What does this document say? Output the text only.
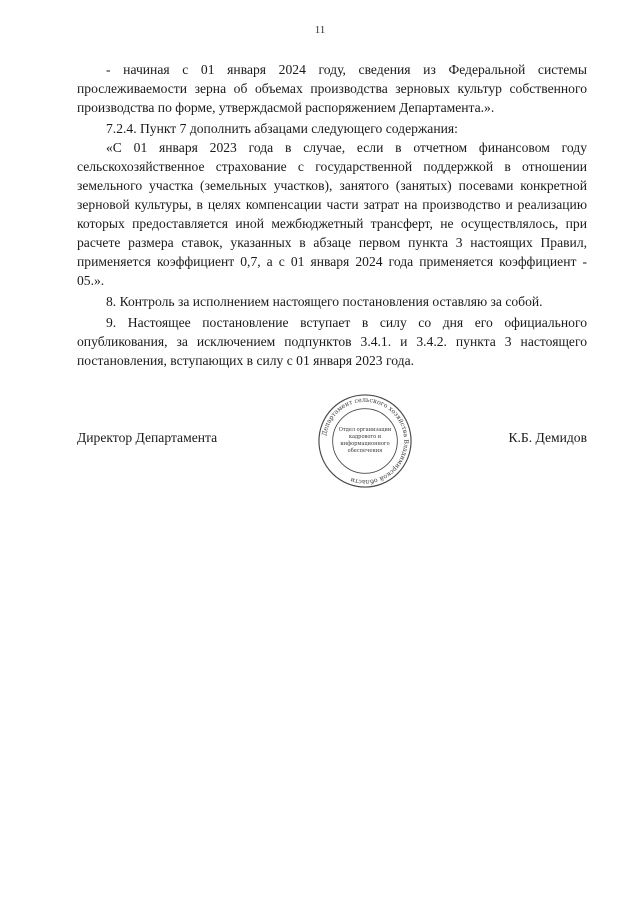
11

- начиная с 01 января 2024 году, сведения из Федеральной системы прослеживаемости зерна об объемах производства зерновых культур собственного производства по форме, утверждасмой распоряжением Департамента.».

7.2.4. Пункт 7 дополнить абзацами следующего содержания:

«С 01 января 2023 года в случае, если в отчетном финансовом году сельскохозяйственное страхование с государственной поддержкой в отношении земельного участка (земельных участков), занятого (занятых) посевами конкретной зерновой культуры, в целях компенсации части затрат на производство и реализацию которых предоставляется иной межбюджетный трансферт, не осуществлялось, при расчете размера ставок, указанных в абзаце первом пункта 3 настоящих Правил, применяется коэффициент 0,7, а с 01 января 2024 года применяется коэффициент - 05.».

8. Контроль за исполнением настоящего постановления оставляю за собой.

9. Настоящее постановление вступает в силу со дня его официального опубликования, за исключением подпунктов 3.4.1. и 3.4.2. пункта 3 настоящего постановления, вступающих в силу с 01 января 2023 года.

Директор Департамента	К.Б. Демидов
Департамент сельского хозяйства Владимирской области
Отдел организации
кадрового и
информационного
обеспечения
